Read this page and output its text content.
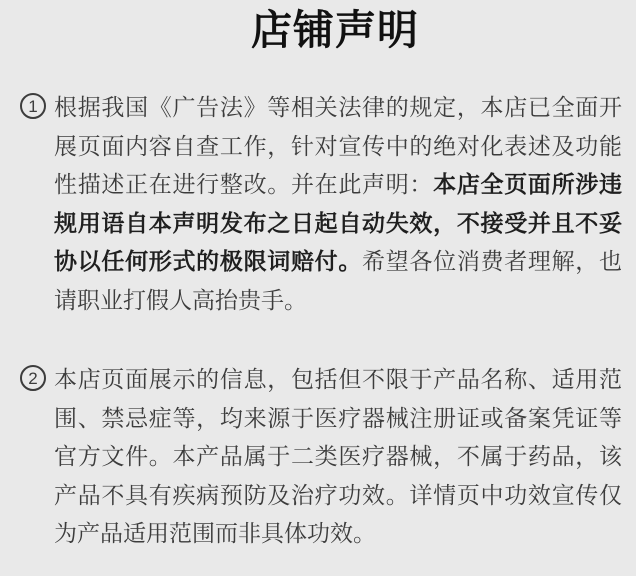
店铺声明
1 根据我国《广告法》等相关法律的规定，本店已全面开展页面内容自查工作，针对宣传中的绝对化表述及功能性描述正在进行整改。并在此声明：本店全页面所涉违规用语自本声明发布之日起自动失效，不接受并且不妥协以任何形式的极限词赔付。希望各位消费者理解，也请职业打假人高抬贵手。
2 本店页面展示的信息，包括但不限于产品名称、适用范围、禁忌症等，均来源于医疗器械注册证或备案凭证等官方文件。本产品属于二类医疗器械，不属于药品，该产品不具有疾病预防及治疗功效。详情页中功效宣传仅为产品适用范围而非具体功效。
